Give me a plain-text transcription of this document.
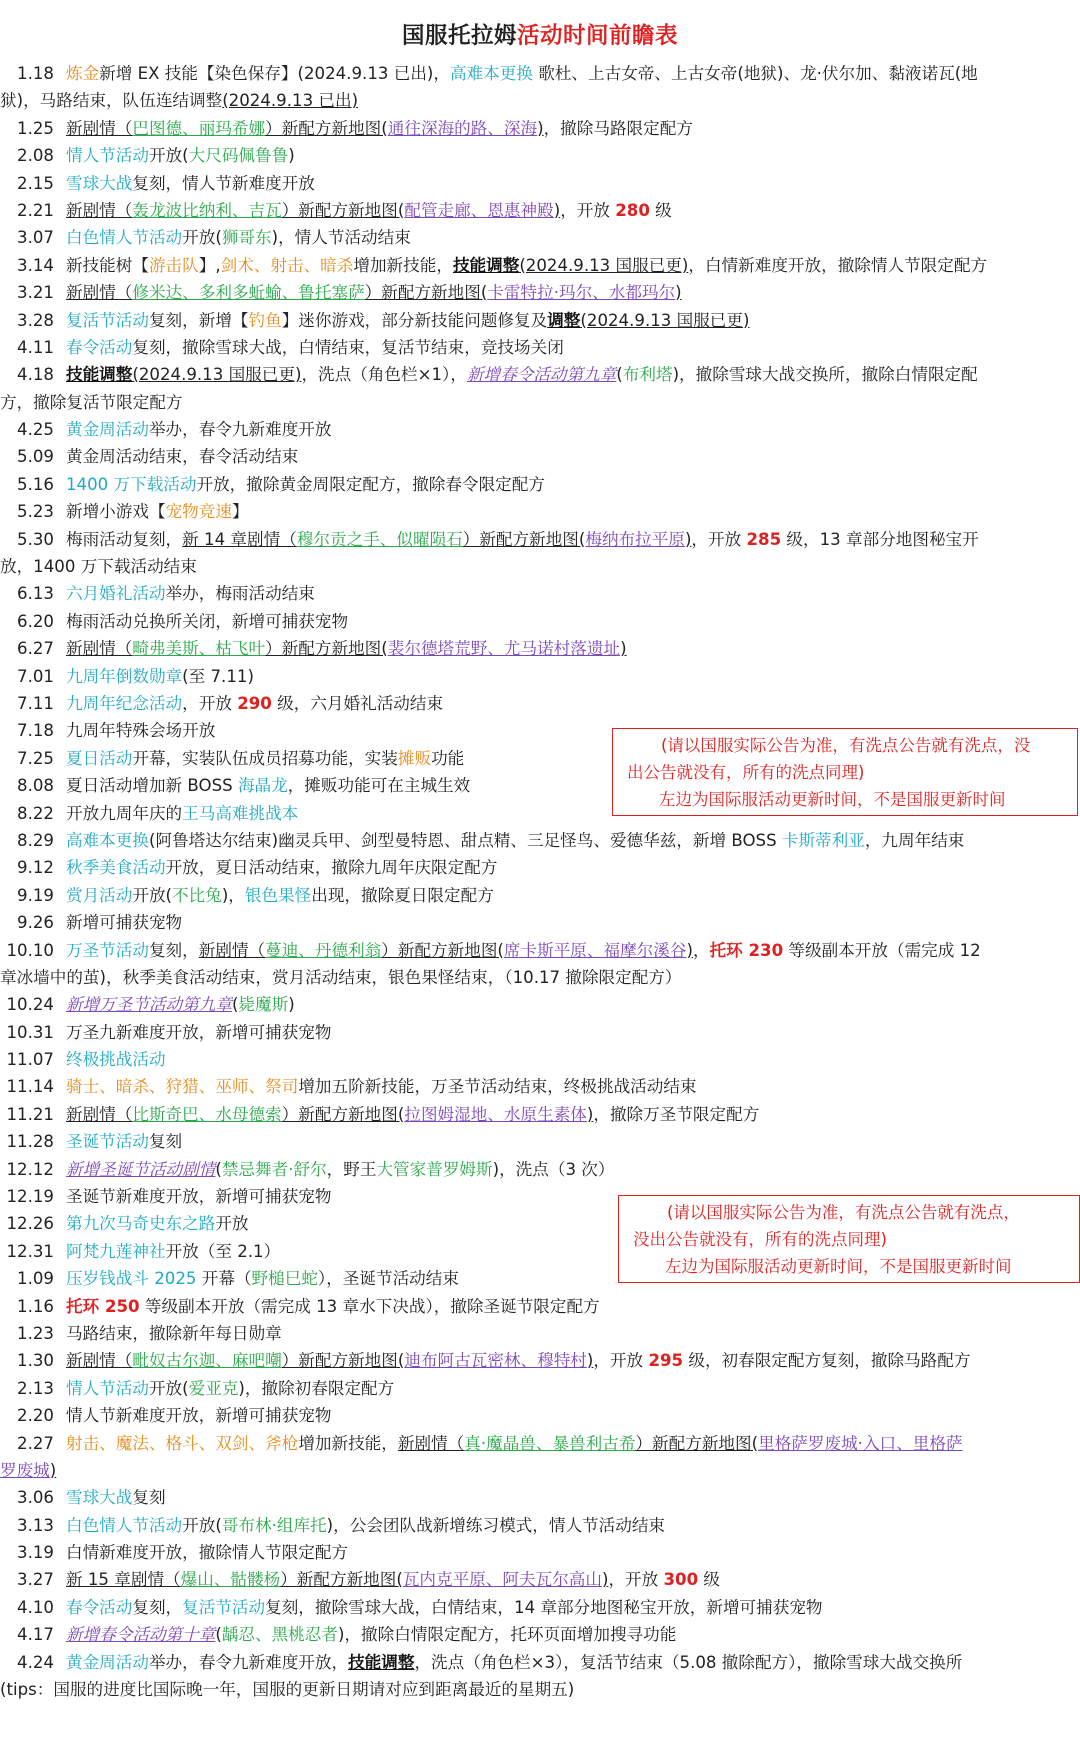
国服托拉姆活动时间前瞻表
1.18 炼金新增 EX 技能【染色保存】(2024.9.13 已出)，高难本更换 歌杜、上古女帝、上古女帝(地狱)、龙·伏尔加、黏液诺瓦(地
狱)，马路结束，队伍连结调整(2024.9.13 已出)
1.25 新剧情（巴图德、丽玛希娜）新配方新地图(通往深海的路、深海)，撤除马路限定配方
2.08 情人节活动开放(大尺码佩鲁鲁)
2.15 雪球大战复刻，情人节新难度开放
2.21 新剧情（轰龙波比纳利、吉瓦）新配方新地图(配管走廊、恩惠神殿)，开放 280 级
3.07 白色情人节活动开放(狮哥东)，情人节活动结束
3.14 新技能树【游击队】,剑术、射击、暗杀增加新技能，技能调整(2024.9.13 国服已更)，白情新难度开放，撤除情人节限定配方
3.21 新剧情（修米达、多利多蚯蝓、鲁托塞萨）新配方新地图(卡雷特拉·玛尔、水都玛尔)
3.28 复活节活动复刻，新增【钓鱼】迷你游戏，部分新技能问题修复及调整(2024.9.13 国服已更)
4.11 春令活动复刻，撤除雪球大战，白情结束，复活节结束，竞技场关闭
4.18 技能调整(2024.9.13 国服已更)，洗点（角色栏×1），新增春令活动第九章(布利塔)，撤除雪球大战交换所，撤除白情限定配
方，撤除复活节限定配方
4.25 黄金周活动举办，春令九新难度开放
5.09 黄金周活动结束，春令活动结束
5.16 1400 万下载活动开放，撤除黄金周限定配方，撤除春令限定配方
5.23 新增小游戏【宠物竞速】
5.30 梅雨活动复刻，新 14 章剧情（穆尔贡之手、似曜陨石）新配方新地图(梅纳布拉平原)，开放 285 级，13 章部分地图秘宝开
放，1400 万下载活动结束
6.13 六月婚礼活动举办，梅雨活动结束
6.20 梅雨活动兑换所关闭，新增可捕获宠物
6.27 新剧情（畸弗美斯、枯飞叶）新配方新地图(裴尔德塔荒野、尤马诺村落遗址)
7.01 九周年倒数勋章(至 7.11)
7.11 九周年纪念活动，开放 290 级，六月婚礼活动结束
7.18 九周年特殊会场开放
7.25 夏日活动开幕，实装队伍成员招募功能，实装摊贩功能
8.08 夏日活动增加新 BOSS 海晶龙，摊贩功能可在主城生效
8.22 开放九周年庆的王马高难挑战本
8.29 高难本更换(阿鲁塔达尔结束)幽灵兵甲、剑型曼特恩、甜点精、三足怪鸟、爱德华兹，新增 BOSS 卡斯蒂利亚，九周年结束
9.12 秋季美食活动开放，夏日活动结束，撤除九周年庆限定配方
9.19 赏月活动开放(不比兔)，银色果怪出现，撤除夏日限定配方
9.26 新增可捕获宠物
10.10 万圣节活动复刻，新剧情（蔓迪、丹德利翁）新配方新地图(席卡斯平原、福摩尔溪谷)，托环 230 等级副本开放（需完成 12
章冰墙中的茧)，秋季美食活动结束，赏月活动结束，银色果怪结束，（10.17 撤除限定配方）
10.24 新增万圣节活动第九章(毙魔斯)
10.31 万圣九新难度开放，新增可捕获宠物
11.07 终极挑战活动
11.14 骑士、暗杀、狩猎、巫师、祭司增加五阶新技能，万圣节活动结束，终极挑战活动结束
11.21 新剧情（比斯奇巴、水母德索）新配方新地图(拉图姆湿地、水原生素体)，撤除万圣节限定配方
11.28 圣诞节活动复刻
12.12 新增圣诞节活动剧情(禁忌舞者·舒尔，野王大管家普罗姆斯)，洗点（3 次）
12.19 圣诞节新难度开放，新增可捕获宠物
12.26 第九次马奇史东之路开放
12.31 阿梵九莲神社开放（至 2.1）
1.09 压岁钱战斗 2025 开幕（野槌巳蛇），圣诞节活动结束
1.16 托环 250 等级副本开放（需完成 13 章水下决战），撤除圣诞节限定配方
1.23 马路结束，撤除新年每日勋章
1.30 新剧情（毗奴古尔迦、麻吧嘲）新配方新地图(迪布阿古瓦密林、穆特村)，开放 295 级，初春限定配方复刻，撤除马路配方
2.13 情人节活动开放(爱亚克)，撤除初春限定配方
2.20 情人节新难度开放，新增可捕获宠物
2.27 射击、魔法、格斗、双剑、斧枪增加新技能，新剧情（真·魔晶兽、暴兽利古希）新配方新地图(里格萨罗废城·入口、里格萨
罗废城)
3.06 雪球大战复刻
3.13 白色情人节活动开放(哥布林·组库托)，公会团队战新增练习模式，情人节活动结束
3.19 白情新难度开放，撤除情人节限定配方
3.27 新 15 章剧情（爆山、骷髅杨）新配方新地图(瓦内克平原、阿夫瓦尔高山)，开放 300 级
4.10 春令活动复刻，复活节活动复刻，撤除雪球大战，白情结束，14 章部分地图秘宝开放，新增可捕获宠物
4.17 新增春令活动第十章(龋忍、黑桃忍者)，撤除白情限定配方，托环页面增加搜寻功能
4.24 黄金周活动举办，春令九新难度开放，技能调整，洗点（角色栏×3），复活节结束（5.08 撤除配方），撤除雪球大战交换所
(tips：国服的进度比国际晚一年，国服的更新日期请对应到距离最近的星期五)
(请以国服实际公告为准，有洗点公告就有洗点，没
出公告就没有，所有的洗点同理)
左边为国际服活动更新时间，不是国服更新时间
(请以国服实际公告为准，有洗点公告就有洗点，
没出公告就没有，所有的洗点同理)
左边为国际服活动更新时间，不是国服更新时间
